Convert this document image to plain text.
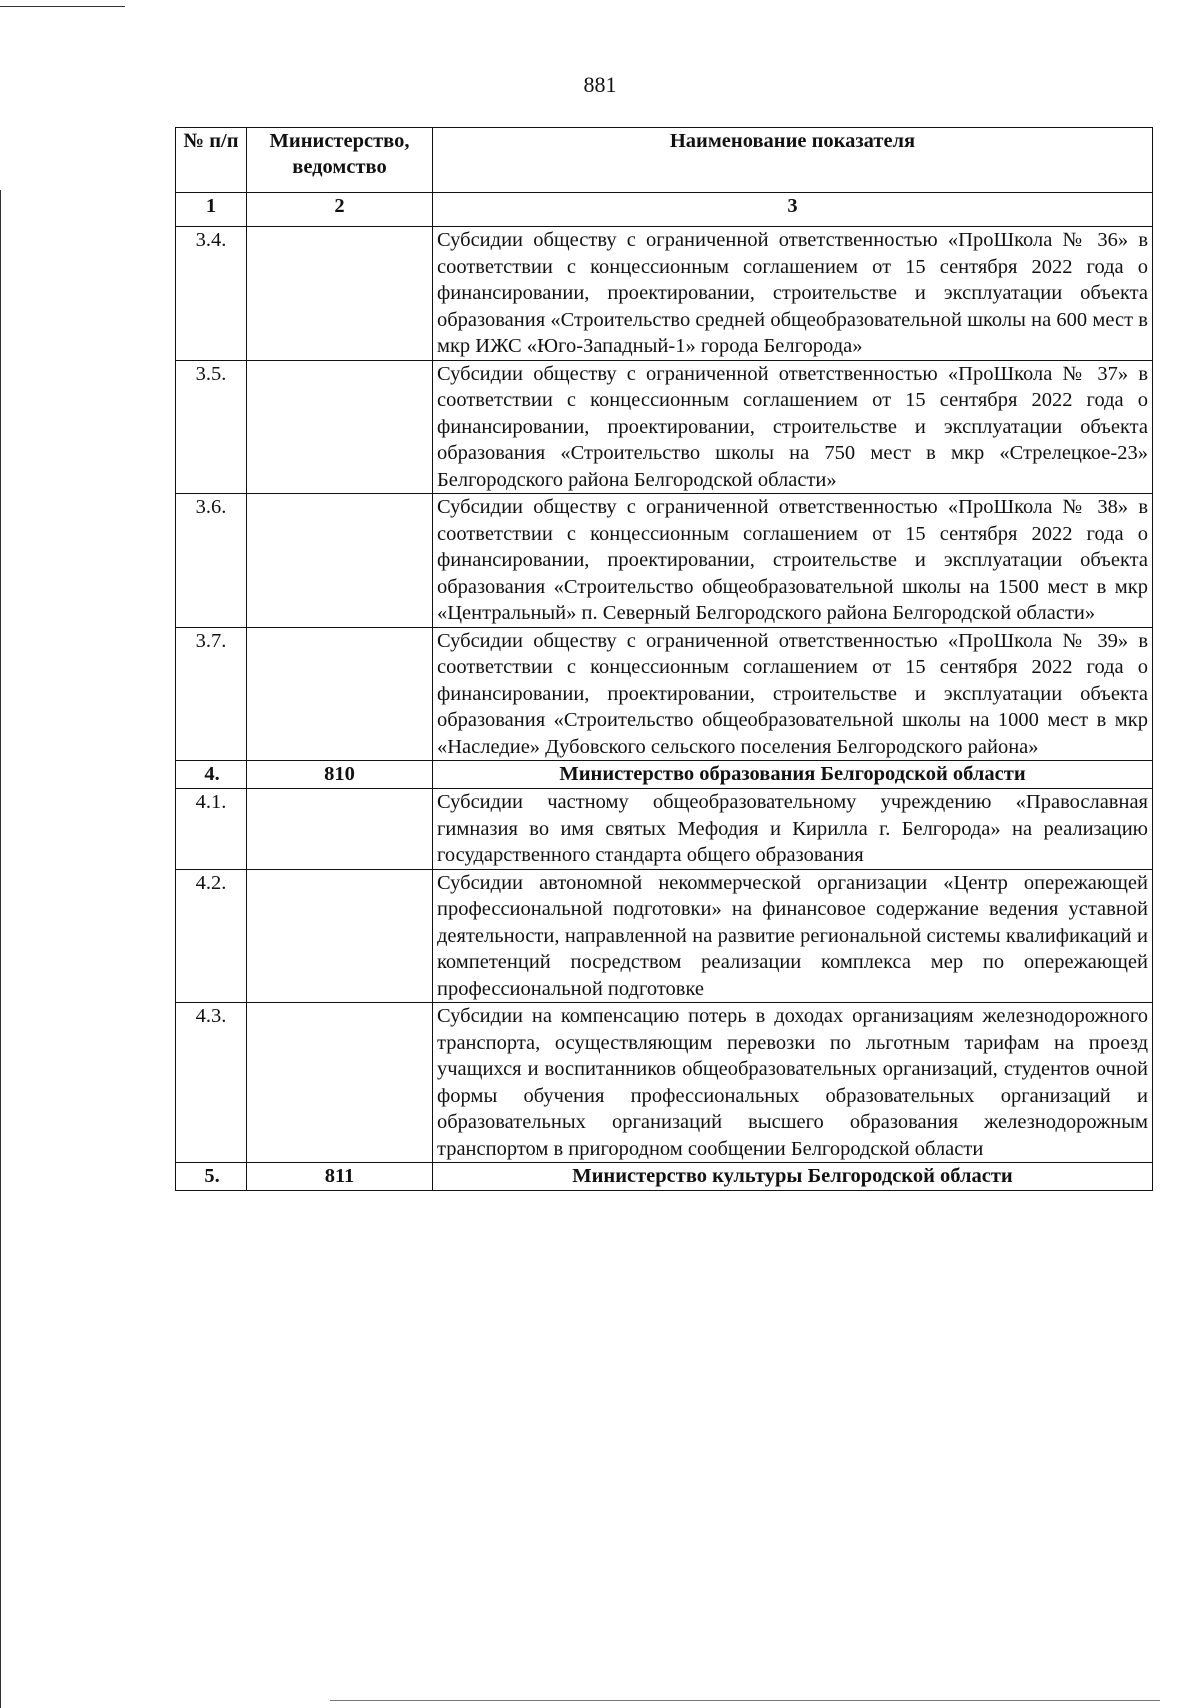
881
№ п/п	Министерство, ведомство	Наименование показателя
1	2	3
3.4.		Субсидии обществу с ограниченной ответственностью «ПроШкола № 36» в соответствии с концессионным соглашением от 15 сентября 2022 года о финансировании, проектировании, строительстве и эксплуатации объекта образования «Строительство средней общеобразовательной школы на 600 мест в мкр ИЖС «Юго-Западный-1» города Белгорода»
3.5.		Субсидии обществу с ограниченной ответственностью «ПроШкола № 37» в соответствии с концессионным соглашением от 15 сентября 2022 года о финансировании, проектировании, строительстве и эксплуатации объекта образования «Строительство школы на 750 мест в мкр «Стрелецкое-23» Белгородского района Белгородской области»
3.6.		Субсидии обществу с ограниченной ответственностью «ПроШкола № 38» в соответствии с концессионным соглашением от 15 сентября 2022 года о финансировании, проектировании, строительстве и эксплуатации объекта образования «Строительство общеобразовательной школы на 1500 мест в мкр «Центральный» п. Северный Белгородского района Белгородской области»
3.7.		Субсидии обществу с ограниченной ответственностью «ПроШкола № 39» в соответствии с концессионным соглашением от 15 сентября 2022 года о финансировании, проектировании, строительстве и эксплуатации объекта образования «Строительство общеобразовательной школы на 1000 мест в мкр «Наследие» Дубовского сельского поселения Белгородского района»
4.	810	Министерство образования Белгородской области
4.1.		Субсидии частному общеобразовательному учреждению «Православная гимназия во имя святых Мефодия и Кирилла г. Белгорода» на реализацию государственного стандарта общего образования
4.2.		Субсидии автономной некоммерческой организации «Центр опережающей профессиональной подготовки» на финансовое содержание ведения уставной деятельности, направленной на развитие региональной системы квалификаций и компетенций посредством реализации комплекса мер по опережающей профессиональной подготовке
4.3.		Субсидии на компенсацию потерь в доходах организациям железнодорожного транспорта, осуществляющим перевозки по льготным тарифам на проезд учащихся и воспитанников общеобразовательных организаций, студентов очной формы обучения профессиональных образовательных организаций и образовательных организаций высшего образования железнодорожным транспортом в пригородном сообщении Белгородской области
5.	811	Министерство культуры Белгородской области
